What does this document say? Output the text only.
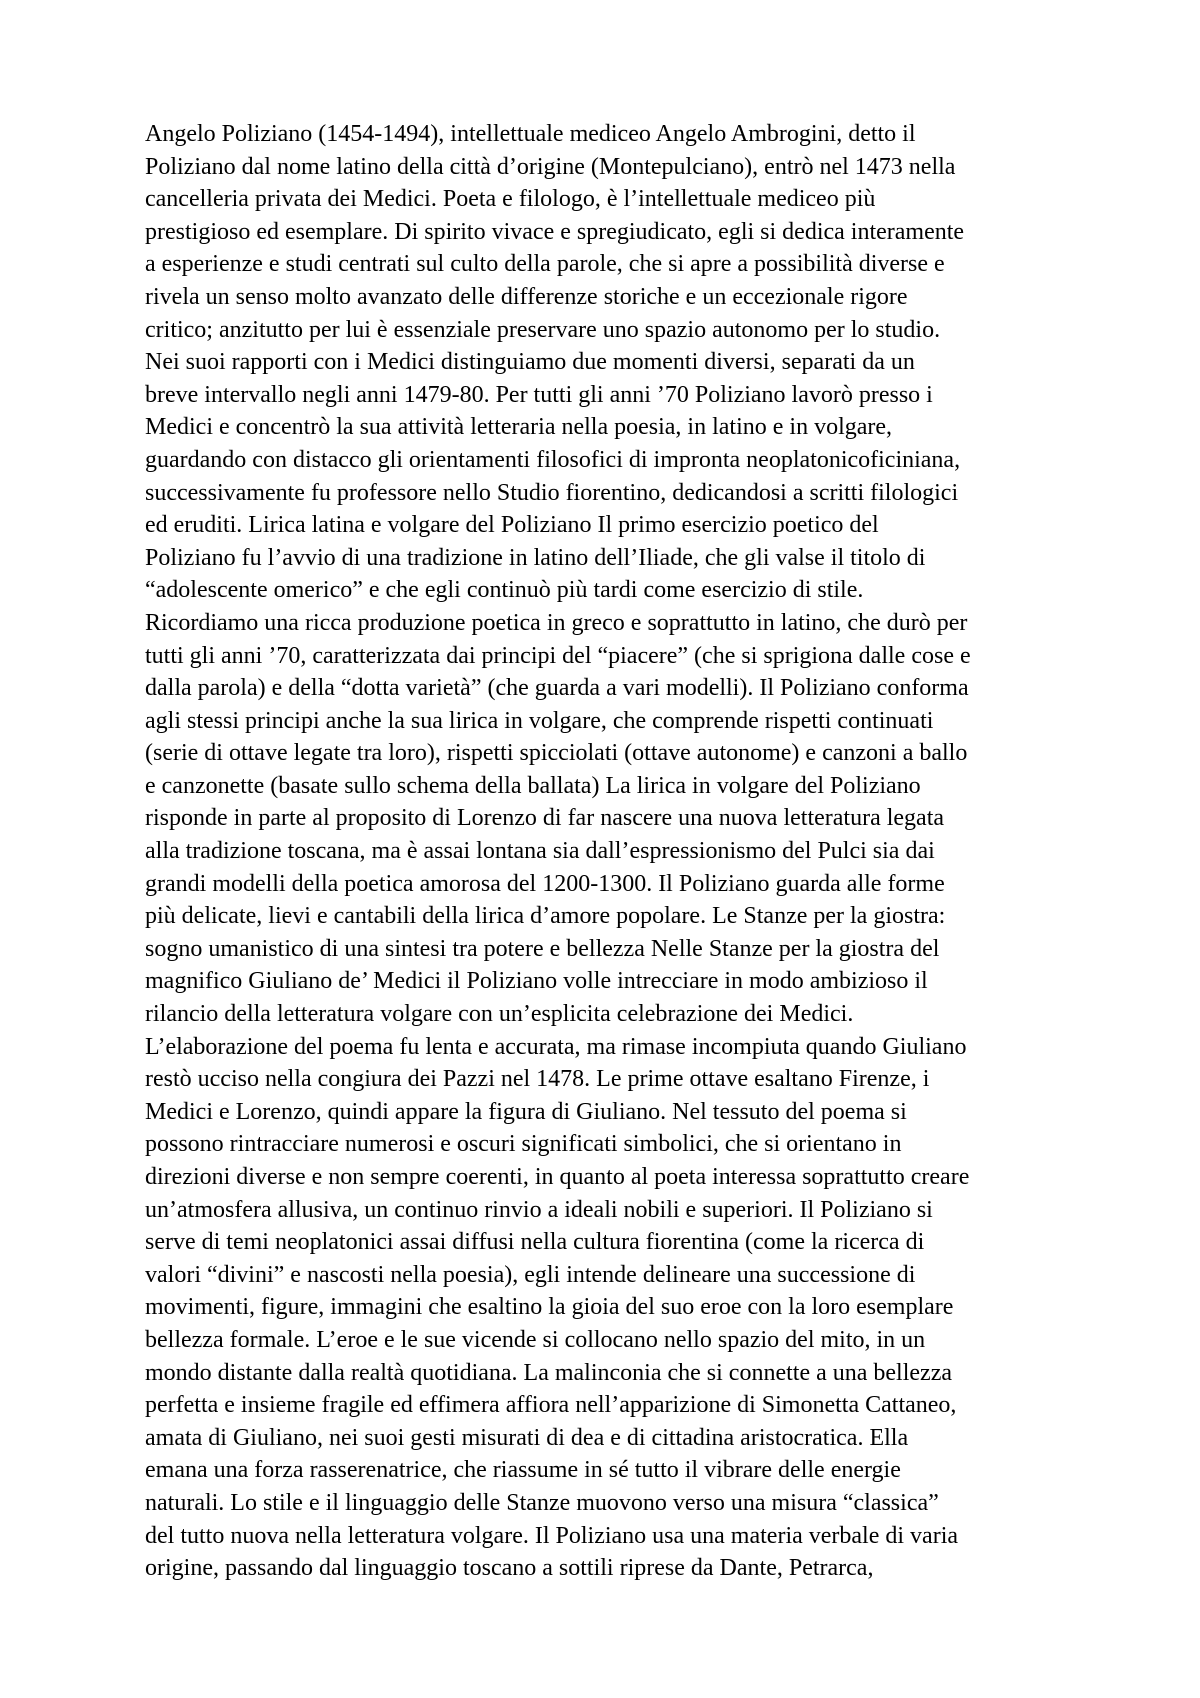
Angelo Poliziano (1454-1494), intellettuale mediceo Angelo Ambrogini, detto il
Poliziano dal nome latino della città d’origine (Montepulciano), entrò nel 1473 nella
cancelleria privata dei Medici. Poeta e filologo, è l’intellettuale mediceo più
prestigioso ed esemplare. Di spirito vivace e spregiudicato, egli si dedica interamente
a esperienze e studi centrati sul culto della parole, che si apre a possibilità diverse e
rivela un senso molto avanzato delle differenze storiche e un eccezionale rigore
critico; anzitutto per lui è essenziale preservare uno spazio autonomo per lo studio.
Nei suoi rapporti con i Medici distinguiamo due momenti diversi, separati da un
breve intervallo negli anni 1479-80. Per tutti gli anni ’70 Poliziano lavorò presso i
Medici e concentrò la sua attività letteraria nella poesia, in latino e in volgare,
guardando con distacco gli orientamenti filosofici di impronta neoplatonicoficiniana,
successivamente fu professore nello Studio fiorentino, dedicandosi a scritti filologici
ed eruditi. Lirica latina e volgare del Poliziano Il primo esercizio poetico del
Poliziano fu l’avvio di una tradizione in latino dell’Iliade, che gli valse il titolo di
“adolescente omerico” e che egli continuò più tardi come esercizio di stile.
Ricordiamo una ricca produzione poetica in greco e soprattutto in latino, che durò per
tutti gli anni ’70, caratterizzata dai principi del “piacere” (che si sprigiona dalle cose e
dalla parola) e della “dotta varietà” (che guarda a vari modelli). Il Poliziano conforma
agli stessi principi anche la sua lirica in volgare, che comprende rispetti continuati
(serie di ottave legate tra loro), rispetti spicciolati (ottave autonome) e canzoni a ballo
e canzonette (basate sullo schema della ballata) La lirica in volgare del Poliziano
risponde in parte al proposito di Lorenzo di far nascere una nuova letteratura legata
alla tradizione toscana, ma è assai lontana sia dall’espressionismo del Pulci sia dai
grandi modelli della poetica amorosa del 1200-1300. Il Poliziano guarda alle forme
più delicate, lievi e cantabili della lirica d’amore popolare. Le Stanze per la giostra:
sogno umanistico di una sintesi tra potere e bellezza Nelle Stanze per la giostra del
magnifico Giuliano de’ Medici il Poliziano volle intrecciare in modo ambizioso il
rilancio della letteratura volgare con un’esplicita celebrazione dei Medici.
L’elaborazione del poema fu lenta e accurata, ma rimase incompiuta quando Giuliano
restò ucciso nella congiura dei Pazzi nel 1478. Le prime ottave esaltano Firenze, i
Medici e Lorenzo, quindi appare la figura di Giuliano. Nel tessuto del poema si
possono rintracciare numerosi e oscuri significati simbolici, che si orientano in
direzioni diverse e non sempre coerenti, in quanto al poeta interessa soprattutto creare
un’atmosfera allusiva, un continuo rinvio a ideali nobili e superiori. Il Poliziano si
serve di temi neoplatonici assai diffusi nella cultura fiorentina (come la ricerca di
valori “divini” e nascosti nella poesia), egli intende delineare una successione di
movimenti, figure, immagini che esaltino la gioia del suo eroe con la loro esemplare
bellezza formale. L’eroe e le sue vicende si collocano nello spazio del mito, in un
mondo distante dalla realtà quotidiana. La malinconia che si connette a una bellezza
perfetta e insieme fragile ed effimera affiora nell’apparizione di Simonetta Cattaneo,
amata di Giuliano, nei suoi gesti misurati di dea e di cittadina aristocratica. Ella
emana una forza rasserenatrice, che riassume in sé tutto il vibrare delle energie
naturali. Lo stile e il linguaggio delle Stanze muovono verso una misura “classica”
del tutto nuova nella letteratura volgare. Il Poliziano usa una materia verbale di varia
origine, passando dal linguaggio toscano a sottili riprese da Dante, Petrarca,
